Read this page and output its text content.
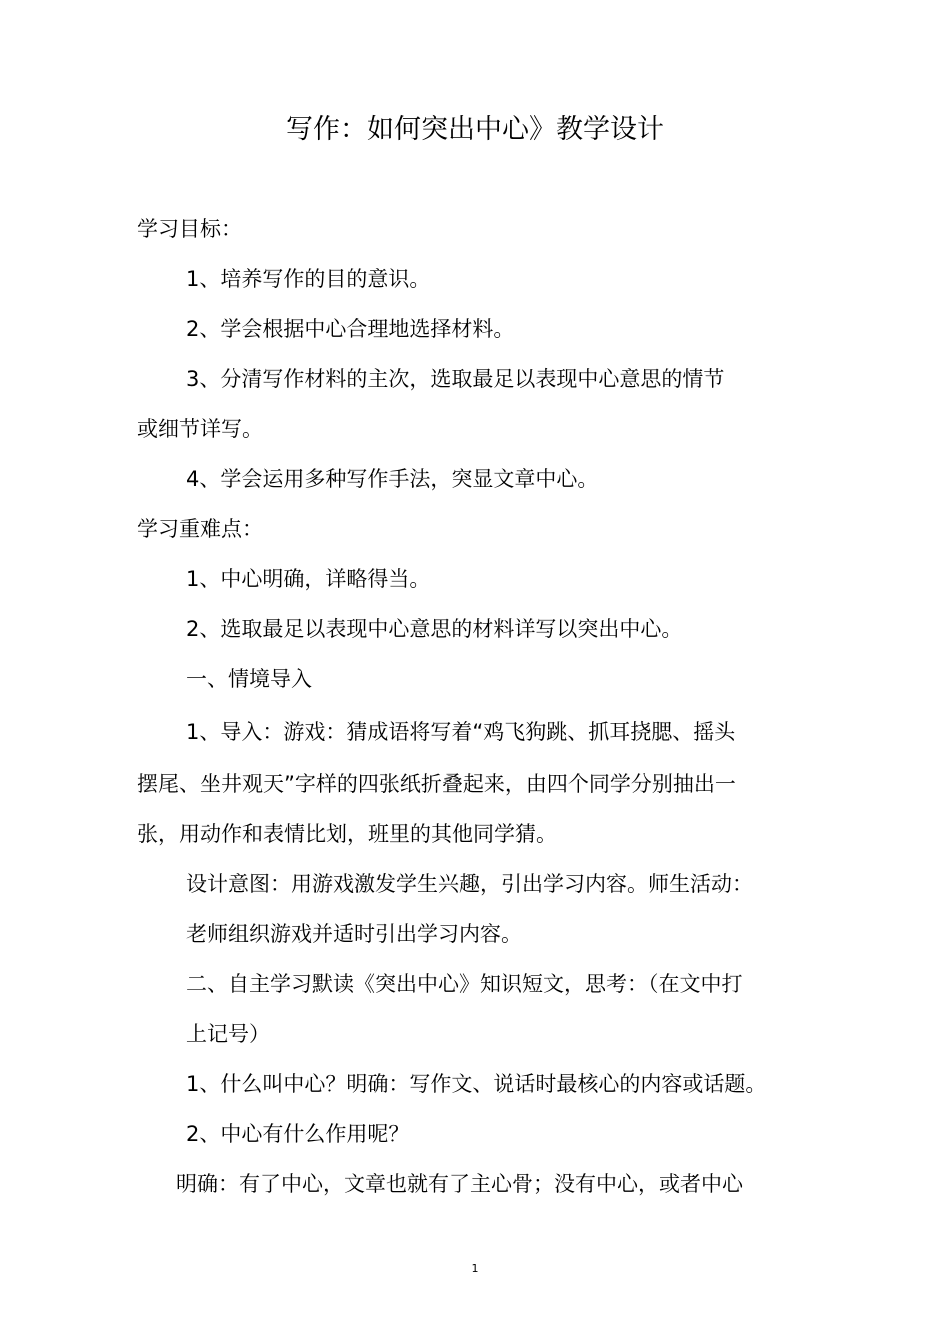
写作：如何突出中心》教学设计
学习目标：
1、培养写作的目的意识。
2、学会根据中心合理地选择材料。
3、分清写作材料的主次，选取最足以表现中心意思的情节
或细节详写。
4、学会运用多种写作手法，突显文章中心。
学习重难点：
1、中心明确，详略得当。
2、选取最足以表现中心意思的材料详写以突出中心。
一、情境导入
1、导入：游戏：猜成语将写着“鸡飞狗跳、抓耳挠腮、摇头
摆尾、坐井观天”字样的四张纸折叠起来，由四个同学分别抽出一
张，用动作和表情比划，班里的其他同学猜。
设计意图：用游戏激发学生兴趣，引出学习内容。师生活动：
老师组织游戏并适时引出学习内容。
二、自主学习默读《突出中心》知识短文，思考：（在文中打
上记号）
1、什么叫中心？明确：写作文、说话时最核心的内容或话题。
2、中心有什么作用呢？
明确：有了中心，文章也就有了主心骨；没有中心，或者中心
1
